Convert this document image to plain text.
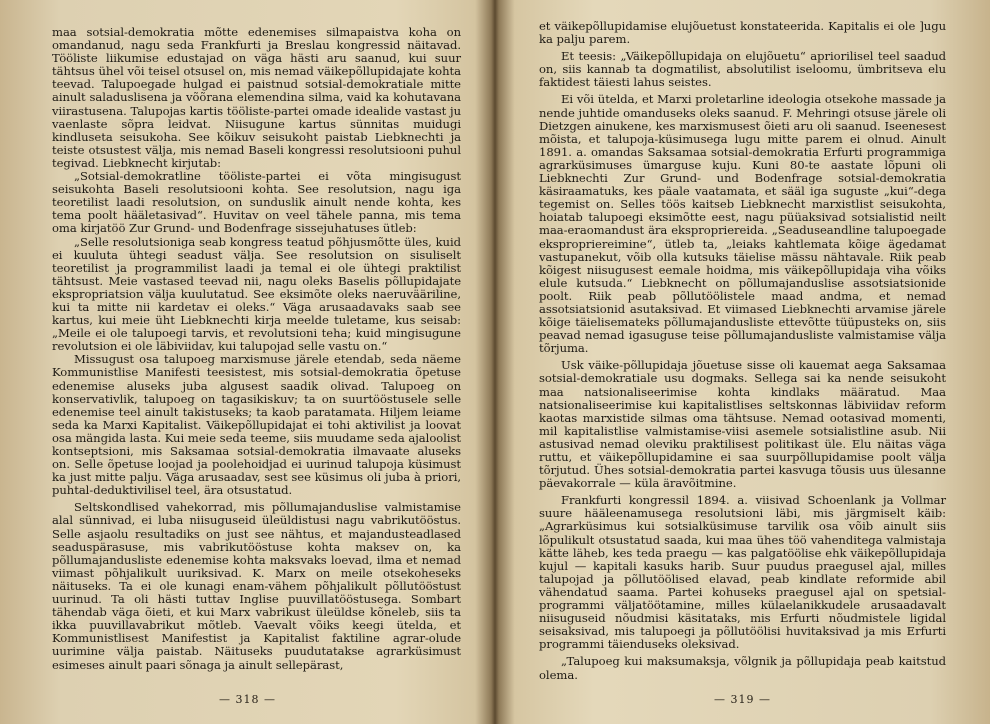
maa sotsial-demokratia mõtte edenemises silmapaistva koha on omandanud, nagu seda Frankfurti ja Breslau kongressid näitavad. Tööliste liikumise edustajad on väga hästi aru saanud, kui suur tähtsus ühel või teisel otsusel on, mis nemad väikepõllupidajate kohta teevad. Talupoegade hulgad ei paistnud sotsial-demokratiale mitte ainult saladuslisena ja võõrana elemendina silma, vaid ka kohutavana viirastusena. Talupojas kartis tööliste-partei omade idealide vastast ju vaenlaste sõpra leidvat. Niisugune kartus sünnitas muidugi kindluseta seisukoha. See kõikuv seisukoht paistab Liebknechti ja teiste otsustest välja, mis nemad Baseli kongressi resolutsiooni puhul tegivad. Liebknecht kirjutab:

„Sotsial-demokratline tööliste-partei ei võta mingisugust seisukohta Baseli resolutsiooni kohta. See resolutsion, nagu iga teoretilist laadi resolutsion, on sunduslik ainult nende kohta, kes tema poolt hääletasivad“. Huvitav on veel tähele panna, mis tema oma kirjatöö Zur Grund- und Bodenfrage sissejuhatuses ütleb:

„Selle resolutsioniga seab kongress teatud põhjusmõtte üles, kuid ei kuuluta ühtegi seadust välja. See resolutsion on sisuliselt teoretilist ja programmilist laadi ja temal ei ole ühtegi praktilist tähtsust. Meie vastased teevad nii, nagu oleks Baselis põllupidajate ekspropriatsion välja kuulutatud. See eksimõte oleks naeruvääriline, kui ta mitte nii kardetav ei oleks.“ Väga arusaadavaks saab see kartus, kui meie üht Liebknechti kirja meelde tuletame, kus seisab: „Meile ei ole talupoegi tarvis, et revolutsioni teha; kuid mingisugune revolutsion ei ole läbiviidav, kui talupojad selle vastu on.“

Missugust osa talupoeg marxismuse järele etendab, seda näeme Kommunistlise Manifesti teesistest, mis sotsial-demokratia õpetuse edenemise aluseks juba algusest saadik olivad. Talupoeg on konservativlik, talupoeg on tagasikiskuv; ta on suurtööstusele selle edenemise teel ainult takistuseks; ta kaob paratamata. Hiljem leiame seda ka Marxi Kapitalist. Väikepõllupidajat ei tohi aktivilist ja loovat osa mängida lasta. Kui meie seda teeme, siis muudame seda ajaloolist kontseptsioni, mis Saksamaa sotsial-demokratia ilmavaate aluseks on. Selle õpetuse loojad ja poolehoidjad ei uurinud talupoja küsimust ka just mitte palju. Väga arusaadav, sest see küsimus oli juba à priori, puhtal-deduktivilisel teel, ära otsustatud.

Seltskondlised vahekorrad, mis põllumajanduslise valmistamise alal sünnivad, ei luba niisuguseid üleüldistusi nagu vabrikutööstus. Selle asjaolu resultadiks on just see nähtus, et majandusteadlased seaduspärasuse, mis vabrikutööstuse kohta maksev on, ka põllumajandusliste edenemise kohta maksvaks loevad, ilma et nemad viimast põhjalikult uuriksivad. K. Marx on meile otsekoheseks näituseks. Ta ei ole kunagi enam-vähem põhjalikult põllutööstust uurinud. Ta oli hästi tuttav Inglise puuvillatööstusega. Sombart tähendab väga õieti, et kui Marx vabrikust üleüldse kõneleb, siis ta ikka puuvillavabrikut mõtleb. Vaevalt võiks keegi ütelda, et Kommunistlisest Manifestist ja Kapitalist faktiline agrar-olude uurimine välja paistab. Näituseks puudutatakse agrarküsimust esimeses ainult paari sõnaga ja ainult sellepärast,

— 318 —

et väikepõllupidamise elujõuetust konstateerida. Kapitalis ei ole ]ugu ka palju parem.

Et teesis: „Väikepõllupidaja on elujõuetu“ apriorilisel teel saadud on, siis kannab ta dogmatilist, absolutilist iseloomu, ümbritseva elu faktidest täiesti lahus seistes.

Ei või ütelda, et Marxi proletarline ideologia otsekohe massade ja nende juhtide omanduseks oleks saanud. F. Mehringi otsuse järele oli Dietzgen ainukene, kes marxismusest õieti aru oli saanud. Iseenesest mõista, et talupoja-küsimusega lugu mitte parem ei olnud. Ainult 1891. a. omandas Saksamaa sotsial-demokratia Erfurti programmiga agrarküsimuses ümarguse kuju. Kuni 80-te aastate lõpuni oli Liebknechti Zur Grund- und Bodenfrage sotsial-demokratia käsiraamatuks, kes päale vaatamata, et sääl iga suguste „kui“-dega tegemist on. Selles töös kaitseb Liebknecht marxistlist seisukohta, hoiatab talupoegi eksimõtte eest, nagu püüaksivad sotsialistid neilt maa-eraomandust ära ekspropriereida. „Seaduseandline talupoegade ekspropriereimine“, ütleb ta, „leiaks kahtlemata kõige ägedamat vastupanekut, võib olla kutsuks täielise mässu nähtavale. Riik peab kõigest niisugusest eemale hoidma, mis väikepõllupidaja viha võiks elule kutsuda.“ Liebknecht on põllumajanduslise assotsiatsionide poolt. Riik peab põllutöölistele maad andma, et nemad assotsiatsionid asutaksivad. Et viimased Liebknechti arvamise järele kõige täielisemateks põllumajandusliste ettevõtte tüüpusteks on, siis peavad nemad igasuguse teise põllumajandusliste valmistamise välja tõrjuma.

Usk väike-põllupidaja jõuetuse sisse oli kauemat aega Saksamaa sotsial-demokratiale usu dogmaks. Sellega sai ka nende seisukoht maa natsionaliseerimise kohta kindlaks määratud. Maa natsionaliseerimise kui kapitalistlises seltskonnas läbiviidav reform kaotas marxistide silmas oma tähtsuse. Nemad ootasivad momenti, mil kapitalistlise valmistamise-viisi asemele sotsialistline asub. Nii astusivad nemad oleviku praktilisest politikast üle. Elu näitas väga ruttu, et väikepõllupidamine ei saa suurpõllupidamise poolt välja tõrjutud. Ühes sotsial-demokratia partei kasvuga tõusis uus ülesanne päevakorrale — küla äravõitmine.

Frankfurti kongressil 1894. a. viisivad Schoenlank ja Vollmar suure hääleenamusega resolutsioni läbi, mis järgmiselt käib: „Agrarküsimus kui sotsialküsimuse tarvilik osa võib ainult siis lõpulikult otsustatud saada, kui maa ühes töö vahenditega valmistaja kätte läheb, kes teda praegu — kas palgatöölise ehk väikepõllupidaja kujul — kapitali kasuks harib. Suur puudus praegusel ajal, milles talupojad ja põllutöölised elavad, peab kindlate reformide abil vähendatud saama. Partei kohuseks praegusel ajal on spetsial-programmi väljatöötamine, milles külaelanikkudele arusaadavalt niisuguseid nõudmisi käsitataks, mis Erfurti nõudmistele ligidal seisaksivad, mis talupoegi ja põllutöölisi huvitaksivad ja mis Erfurti programmi täienduseks oleksivad.

„Talupoeg kui maksumaksja, võlgnik ja põllupidaja peab kaitstud olema.

— 319 —
